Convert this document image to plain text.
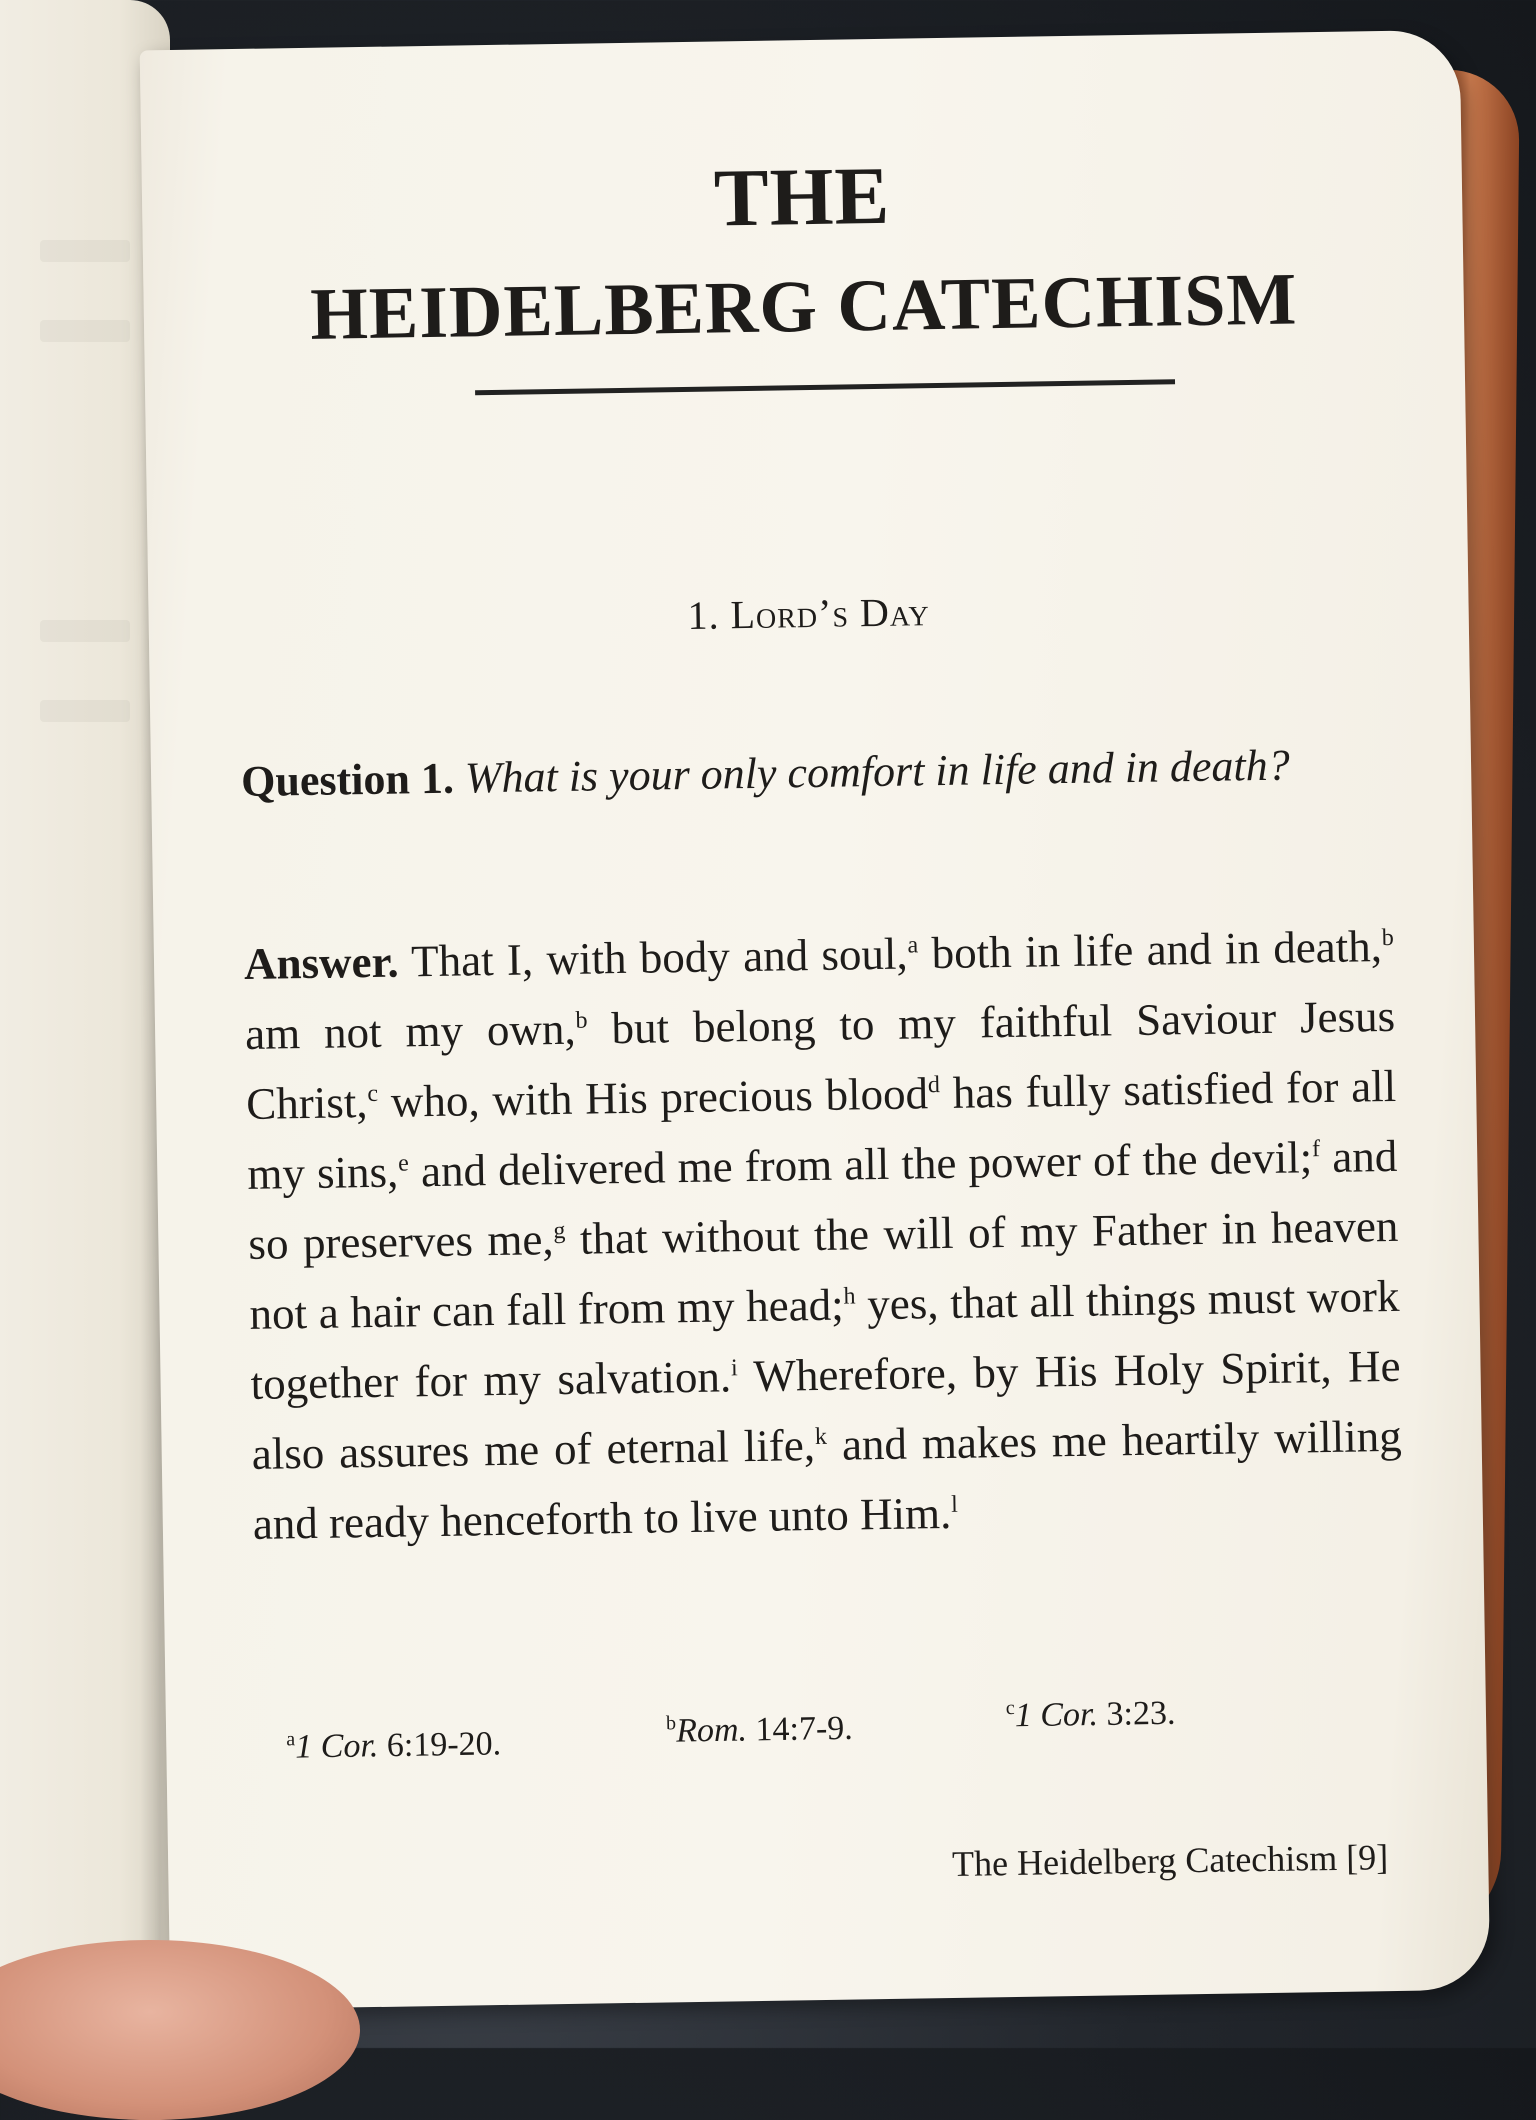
THE
HEIDELBERG CATECHISM
1. Lord’s Day
Question 1. What is your only comfort in life and in death?
Answer. That I, with body and soul,$^a$ both in life and in death,$^b$ am not my own,$^b$ but belong to my faithful Saviour Jesus Christ,$^c$ who, with His precious blood$^d$ has fully satisfied for all my sins,$^e$ and delivered me from all the power of the devil;$^f$ and so preserves me,$^g$ that without the will of my Father in heaven not a hair can fall from my head;$^h$ yes, that all things must work together for my salvation.$^i$ Wherefore, by His Holy Spirit, He also assures me of eternal life,$^k$ and makes me heartily willing and ready henceforth to live unto Him.$^l$
$^a$1 Cor. 6:19-20.
$^b$Rom. 14:7-9.
$^c$1 Cor. 3:23.
The Heidelberg Catechism [9]
